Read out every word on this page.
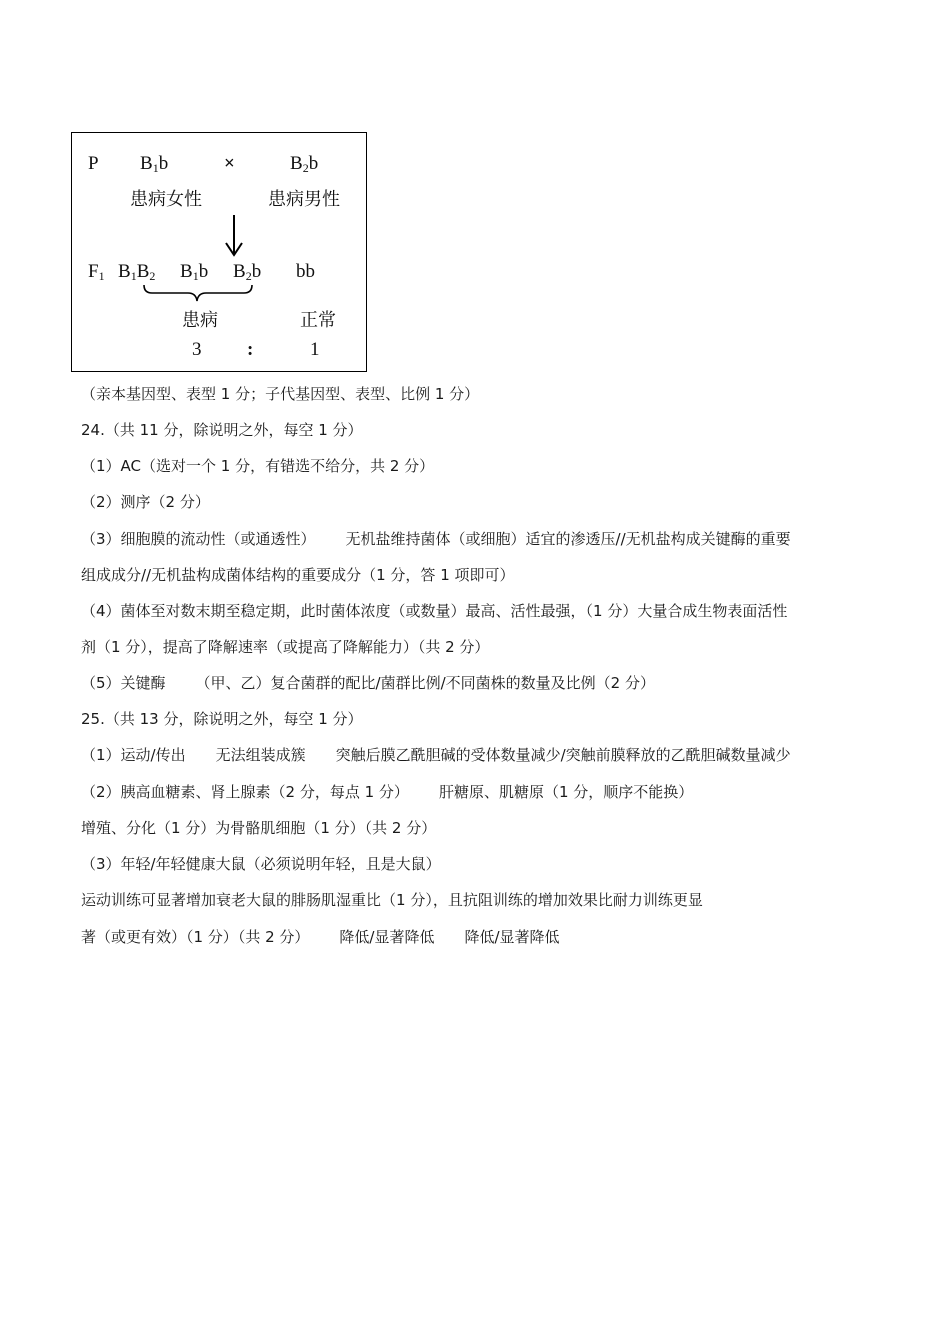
P $B_1b$	×	$B_2b$
患病女性	患病男性
$F_1$ $B_1B_2$ $B_1b$ $B_2b$ bb
患病	正常
3 :	1
（亲本基因型、表型 1 分；子代基因型、表型、比例 1 分）
24.（共 11 分，除说明之外，每空 1 分）
（1）AC（选对一个 1 分，有错选不给分，共 2 分）
（2）测序（2 分）
（3）细胞膜的流动性（或通透性） 无机盐维持菌体（或细胞）适宜的渗透压//无机盐构成关键酶的重要
组成成分//无机盐构成菌体结构的重要成分（1 分，答 1 项即可）
（4）菌体至对数末期至稳定期，此时菌体浓度（或数量）最高、活性最强，（1 分）大量合成生物表面活性
剂（1 分），提高了降解速率（或提高了降解能力）（共 2 分）
（5）关键酶 （甲、乙）复合菌群的配比/菌群比例/不同菌株的数量及比例（2 分）
25.（共 13 分，除说明之外，每空 1 分）
（1）运动/传出 无法组装成簇 突触后膜乙酰胆碱的受体数量减少/突触前膜释放的乙酰胆碱数量减少
（2）胰高血糖素、肾上腺素（2 分，每点 1 分） 肝糖原、肌糖原（1 分，顺序不能换）
增殖、分化（1 分）为骨骼肌细胞（1 分）（共 2 分）
（3）年轻/年轻健康大鼠（必须说明年轻，且是大鼠）
运动训练可显著增加衰老大鼠的腓肠肌湿重比（1 分），且抗阻训练的增加效果比耐力训练更显
著（或更有效）（1 分）（共 2 分） 降低/显著降低 降低/显著降低
